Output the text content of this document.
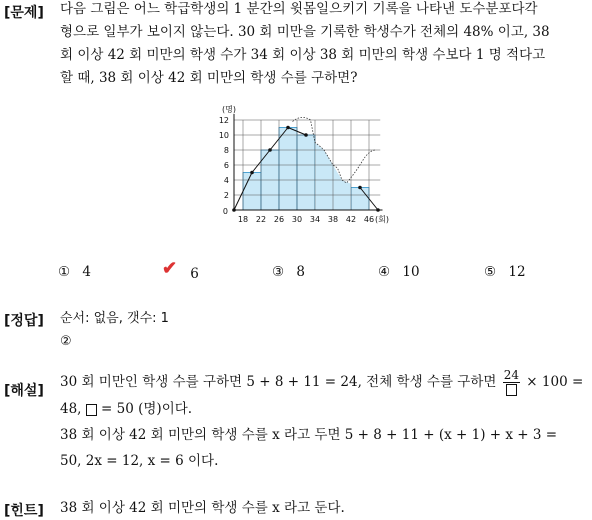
[문제] 다음 그림은 어느 학급학생의 1 분간의 윗몸일으키기 기록을 나타낸 도수분포다각
형으로 일부가 보이지 않는다. 30 회 미만을 기록한 학생수가 전체의 48% 이고, 38
회 이상 42 회 미만의 학생 수가 34 회 이상 38 회 미만의 학생 수보다 1 명 적다고
할 때, 38 회 이상 42 회 미만의 학생 수를 구하면?
2
4
6
8
10
12
0
18 22 26 30 34 38 42 46
(명)
(회)
① 4	✔ 6	③ 8	④ 10	⑤ 12
[정답] 순서: 없음, 갯수: 1
②
[해설]
30 회 미만인 학생 수를 구하면 5 + 8 + 11 = 24, 전체 학생 수를 구하면 24 × 100 =
48,  = 50 (명)이다.
38 회 이상 42 회 미만의 학생 수를 x 라고 두면 5 + 8 + 11 + (x + 1) + x + 3 =
50, 2x = 12, x = 6 이다.
[힌트] 38 회 이상 42 회 미만의 학생 수를 x 라고 둔다.
